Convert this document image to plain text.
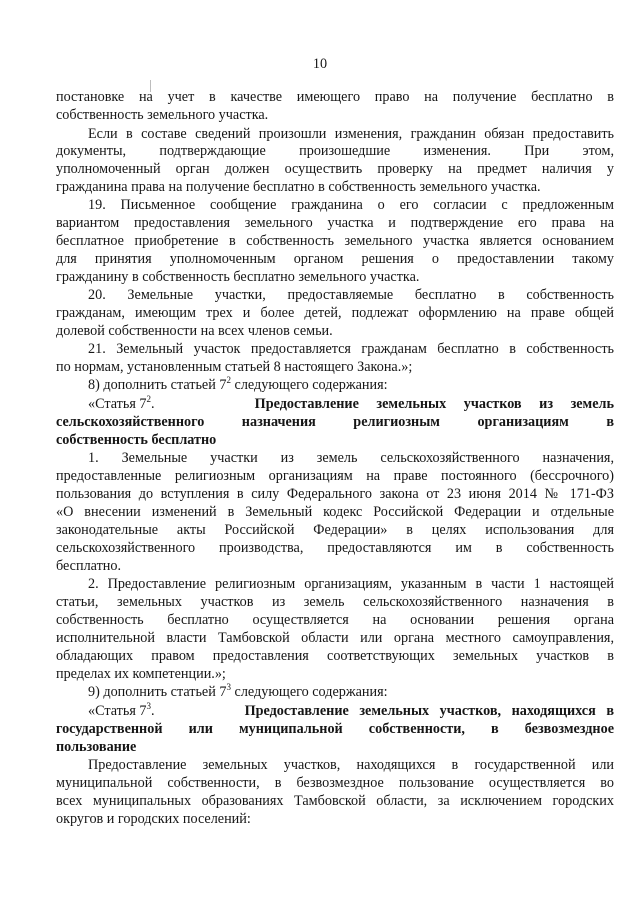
10
постановке на учет в качестве имеющего право на получение бесплатно в
собственность земельного участка.
Если в составе сведений произошли изменения, гражданин обязан предоставить
документы, подтверждающие произошедшие изменения. При этом,
уполномоченный орган должен осуществить проверку на предмет наличия у
гражданина права на получение бесплатно в собственность земельного участка.
19. Письменное сообщение гражданина о его согласии с предложенным
вариантом предоставления земельного участка и подтверждение его права на
бесплатное приобретение в собственность земельного участка является основанием
для принятия уполномоченным органом решения о предоставлении такому
гражданину в собственность бесплатно земельного участка.
20. Земельные участки, предоставляемые бесплатно в собственность
гражданам, имеющим трех и более детей, подлежат оформлению на праве общей
долевой собственности на всех членов семьи.
21. Земельный участок предоставляется гражданам бесплатно в собственность
по нормам, установленным статьей 8 настоящего Закона.»;
8) дополнить статьей $7^2$ следующего содержания:
«Статья $7^2$.	Предоставление земельных участков из земель
сельскохозяйственного назначения религиозным организациям в
собственность бесплатно
1. Земельные участки из земель сельскохозяйственного назначения,
предоставленные религиозным организациям на праве постоянного (бессрочного)
пользования до вступления в силу Федерального закона от 23 июня 2014 № 171-ФЗ
«О внесении изменений в Земельный кодекс Российской Федерации и отдельные
законодательные акты Российской Федерации» в целях использования для
сельскохозяйственного производства, предоставляются им в собственность
бесплатно.
2. Предоставление религиозным организациям, указанным в части 1 настоящей
статьи, земельных участков из земель сельскохозяйственного назначения в
собственность бесплатно осуществляется на основании решения органа
исполнительной власти Тамбовской области или органа местного самоуправления,
обладающих правом предоставления соответствующих земельных участков в
пределах их компетенции.»;
9) дополнить статьей $7^3$ следующего содержания:
«Статья $7^3$.	Предоставление земельных участков, находящихся в
государственной или муниципальной собственности, в безвозмездное
пользование
Предоставление земельных участков, находящихся в государственной или
муниципальной собственности, в безвозмездное пользование осуществляется во
всех муниципальных образованиях Тамбовской области, за исключением городских
округов и городских поселений:
